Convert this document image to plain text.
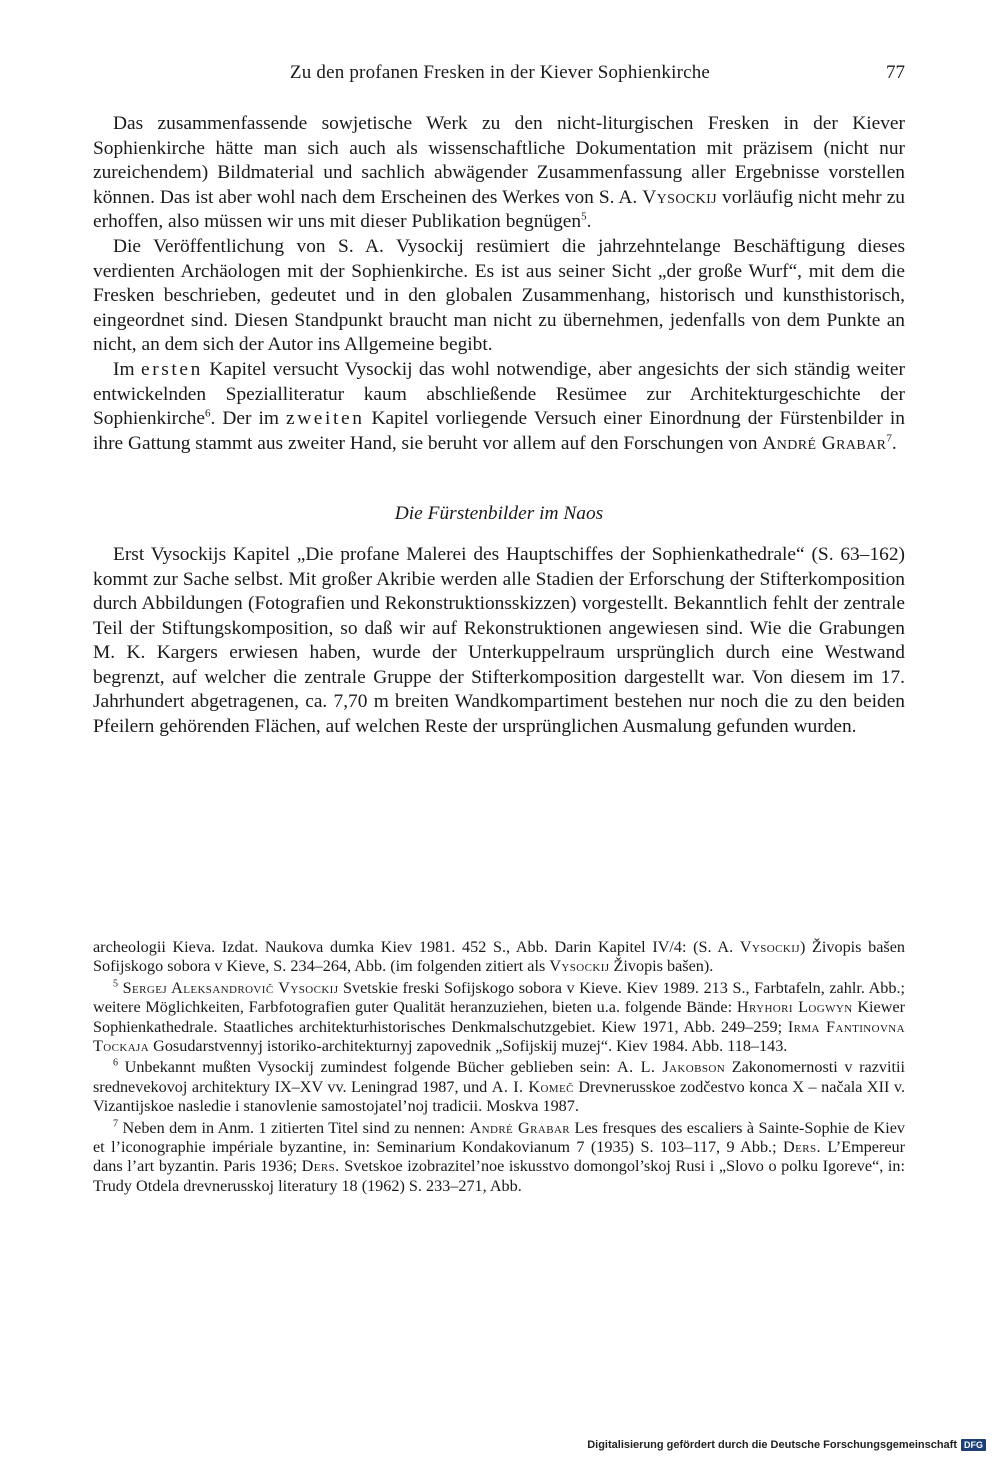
Zu den profanen Fresken in der Kiever Sophienkirche	77

Das zusammenfassende sowjetische Werk zu den nicht-liturgischen Fresken in der Kiever Sophienkirche hätte man sich auch als wissenschaftliche Dokumentation mit präzisem (nicht nur zureichendem) Bildmaterial und sachlich abwägender Zusammenfassung aller Ergebnisse vorstellen können. Das ist aber wohl nach dem Erscheinen des Werkes von S. A. Vysockij vorläufig nicht mehr zu erhoffen, also müssen wir uns mit dieser Publikation begnügen$^5$.

Die Veröffentlichung von S. A. Vysockij resümiert die jahrzehntelange Beschäftigung dieses verdienten Archäologen mit der Sophienkirche. Es ist aus seiner Sicht „der große Wurf“, mit dem die Fresken beschrieben, gedeutet und in den globalen Zusammenhang, historisch und kunsthistorisch, eingeordnet sind. Diesen Standpunkt braucht man nicht zu übernehmen, jedenfalls von dem Punkte an nicht, an dem sich der Autor ins Allgemeine begibt.

Im ersten Kapitel versucht Vysockij das wohl notwendige, aber angesichts der sich ständig weiter entwickelnden Spezialliteratur kaum abschließende Resümee zur Architekturgeschichte der Sophienkirche$^6$. Der im zweiten Kapitel vorliegende Versuch einer Einordnung der Fürstenbilder in ihre Gattung stammt aus zweiter Hand, sie beruht vor allem auf den Forschungen von André Grabar$^7$.

Die Fürstenbilder im Naos

Erst Vysockijs Kapitel „Die profane Malerei des Hauptschiffes der Sophienkathedrale“ (S. 63–162) kommt zur Sache selbst. Mit großer Akribie werden alle Stadien der Erforschung der Stifterkomposition durch Abbildungen (Fotografien und Rekonstruktionsskizzen) vorgestellt. Bekanntlich fehlt der zentrale Teil der Stiftungskomposition, so daß wir auf Rekonstruktionen angewiesen sind. Wie die Grabungen M. K. Kargers erwiesen haben, wurde der Unterkuppelraum ursprünglich durch eine Westwand begrenzt, auf welcher die zentrale Gruppe der Stifterkomposition dargestellt war. Von diesem im 17. Jahrhundert abgetragenen, ca. 7,70 m breiten Wandkompartiment bestehen nur noch die zu den beiden Pfeilern gehörenden Flächen, auf welchen Reste der ursprünglichen Ausmalung gefunden wurden.

archeologii Kieva. Izdat. Naukova dumka Kiev 1981. 452 S., Abb. Darin Kapitel IV/4: (S. A. Vysockij) Živopis bašen Sofijskogo sobora v Kieve, S. 234–264, Abb. (im folgenden zitiert als Vysockij Živopis bašen).

$^5$ Sergej Aleksandrovič Vysockij Svetskie freski Sofijskogo sobora v Kieve. Kiev 1989. 213 S., Farbtafeln, zahlr. Abb.; weitere Möglichkeiten, Farbfotografien guter Qualität heranzuziehen, bieten u.a. folgende Bände: Hryhori Logwyn Kiewer Sophienkathedrale. Staatliches architekturhistorisches Denkmalschutzgebiet. Kiew 1971, Abb. 249–259; Irma Fantinovna Tockaja Gosudarstvennyj istoriko-architekturnyj zapovednik „Sofijskij muzej“. Kiev 1984. Abb. 118–143.

$^6$ Unbekannt mußten Vysockij zumindest folgende Bücher geblieben sein: A. L. Jakobson Zakonomernosti v razvitii srednevekovoj architektury IX–XV vv. Leningrad 1987, und A. I. Komeč Drevnerusskoe zodčestvo konca X – načala XII v. Vizantijskoe nasledie i stanovlenie samostojatel’noj tradicii. Moskva 1987.

$^7$ Neben dem in Anm. 1 zitierten Titel sind zu nennen: André Grabar Les fresques des escaliers à Sainte-Sophie de Kiev et l’iconographie impériale byzantine, in: Seminarium Kondakovianum 7 (1935) S. 103–117, 9 Abb.; Ders. L’Empereur dans l’art byzantin. Paris 1936; Ders. Svetskoe izobrazitel’noe iskusstvo domongol’skoj Rusi i „Slovo o polku Igoreve“, in: Trudy Otdela drevnerusskoj literatury 18 (1962) S. 233–271, Abb.

Digitalisierung gefördert durch die Deutsche Forschungsgemeinschaft DFG
